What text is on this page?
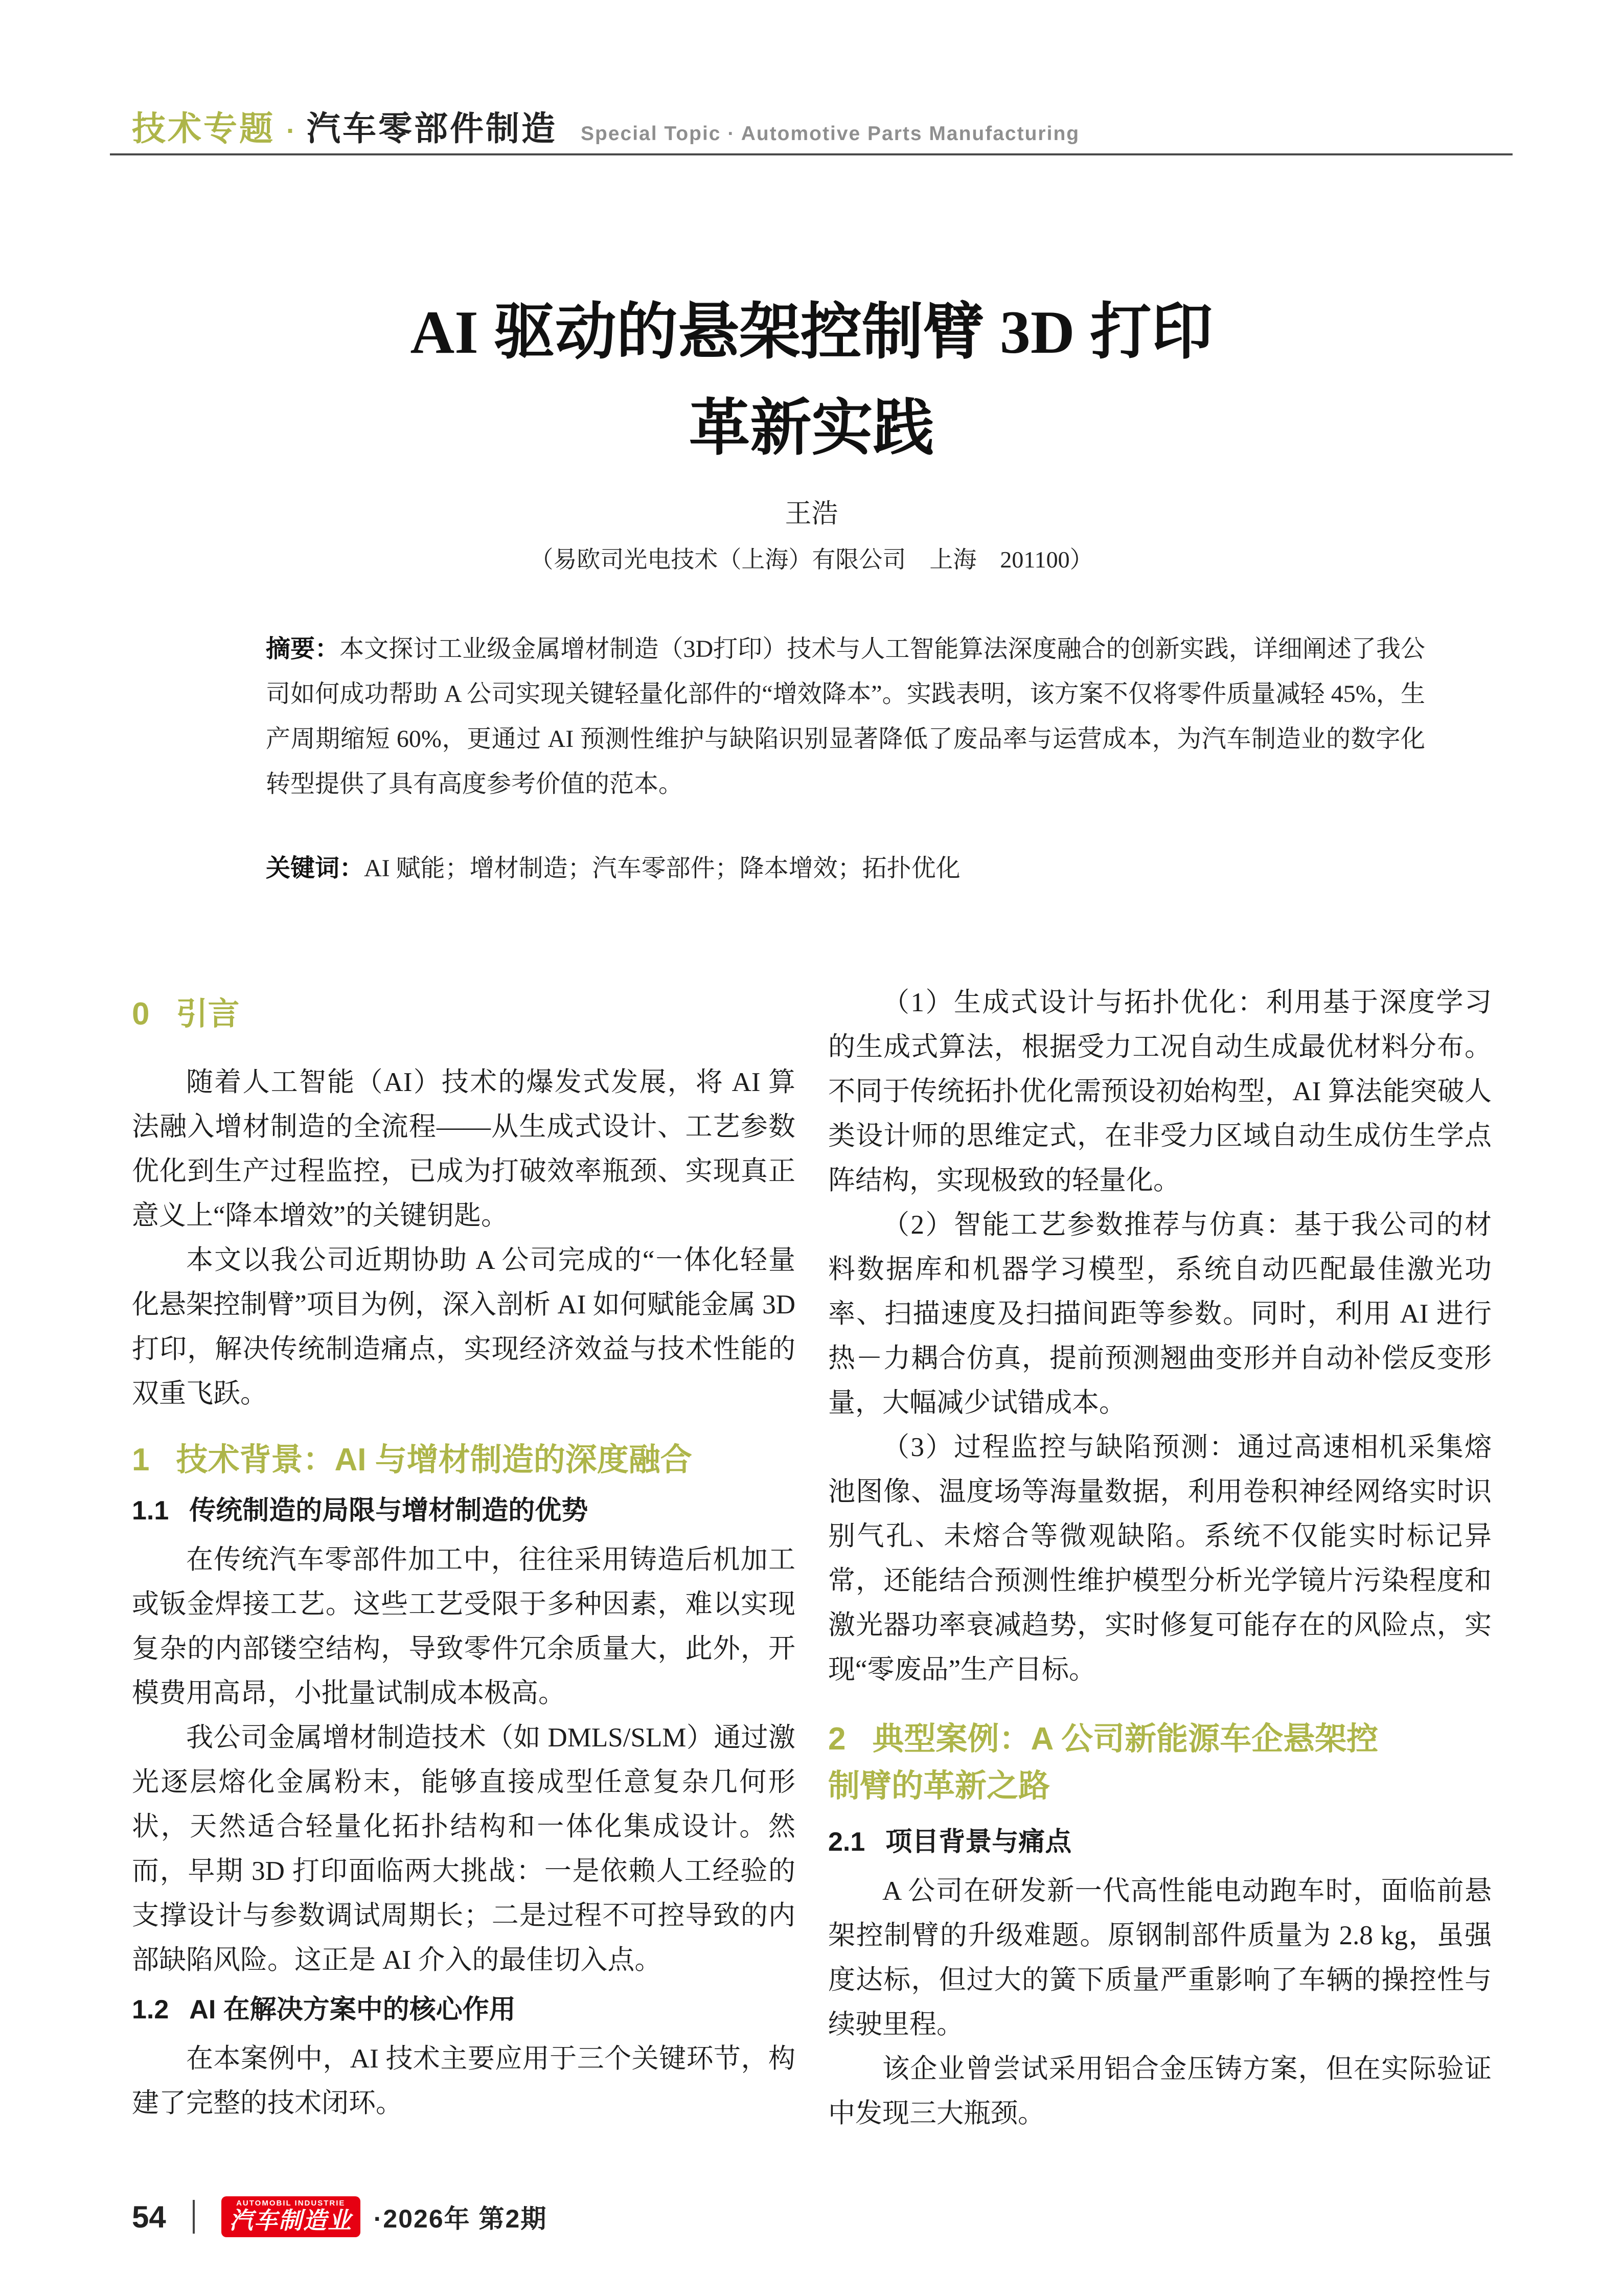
技术专题 · 汽车零部件制造 Special Topic · Automotive Parts Manufacturing
AI 驱动的悬架控制臂 3D 打印
革新实践
王浩
（易欧司光电技术（上海）有限公司　上海　201100）
摘要：本文探讨工业级金属增材制造（3D打印）技术与人工智能算法深度融合的创新实践，详细阐述了我公司如何成功帮助 A 公司实现关键轻量化部件的“增效降本”。实践表明，该方案不仅将零件质量减轻 45%，生产周期缩短 60%，更通过 AI 预测性维护与缺陷识别显著降低了废品率与运营成本，为汽车制造业的数字化转型提供了具有高度参考价值的范本。
关键词：AI 赋能；增材制造；汽车零部件；降本增效；拓扑优化
0 引言

随着人工智能（AI）技术的爆发式发展，将 AI 算法融入增材制造的全流程——从生成式设计、工艺参数优化到生产过程监控，已成为打破效率瓶颈、实现真正意义上“降本增效”的关键钥匙。

本文以我公司近期协助 A 公司完成的“一体化轻量化悬架控制臂”项目为例，深入剖析 AI 如何赋能金属 3D 打印，解决传统制造痛点，实现经济效益与技术性能的双重飞跃。

1 技术背景：AI 与增材制造的深度融合
1.1 传统制造的局限与增材制造的优势

在传统汽车零部件加工中，往往采用铸造后机加工或钣金焊接工艺。这些工艺受限于多种因素，难以实现复杂的内部镂空结构，导致零件冗余质量大，此外，开模费用高昂，小批量试制成本极高。

我公司金属增材制造技术（如 DMLS/SLM）通过激光逐层熔化金属粉末，能够直接成型任意复杂几何形状，天然适合轻量化拓扑结构和一体化集成设计。然而，早期 3D 打印面临两大挑战：一是依赖人工经验的支撑设计与参数调试周期长；二是过程不可控导致的内部缺陷风险。这正是 AI 介入的最佳切入点。

1.2 AI 在解决方案中的核心作用

在本案例中，AI 技术主要应用于三个关键环节，构建了完整的技术闭环。

（1）生成式设计与拓扑优化：利用基于深度学习的生成式算法，根据受力工况自动生成最优材料分布。不同于传统拓扑优化需预设初始构型，AI 算法能突破人类设计师的思维定式，在非受力区域自动生成仿生学点阵结构，实现极致的轻量化。

（2）智能工艺参数推荐与仿真：基于我公司的材料数据库和机器学习模型，系统自动匹配最佳激光功率、扫描速度及扫描间距等参数。同时，利用 AI 进行热－力耦合仿真，提前预测翘曲变形并自动补偿反变形量，大幅减少试错成本。

（3）过程监控与缺陷预测：通过高速相机采集熔池图像、温度场等海量数据，利用卷积神经网络实时识别气孔、未熔合等微观缺陷。系统不仅能实时标记异常，还能结合预测性维护模型分析光学镜片污染程度和激光器功率衰减趋势，实时修复可能存在的风险点，实现“零废品”生产目标。

2 典型案例：A 公司新能源车企悬架控
制臂的革新之路
2.1 项目背景与痛点

A 公司在研发新一代高性能电动跑车时，面临前悬架控制臂的升级难题。原钢制部件质量为 2.8 kg，虽强度达标，但过大的簧下质量严重影响了车辆的操控性与续驶里程。

该企业曾尝试采用铝合金压铸方案，但在实际验证中发现三大瓶颈。

54	AUTOMOBIL INDUSTRIE
汽车制造业 ·2026年 第2期
